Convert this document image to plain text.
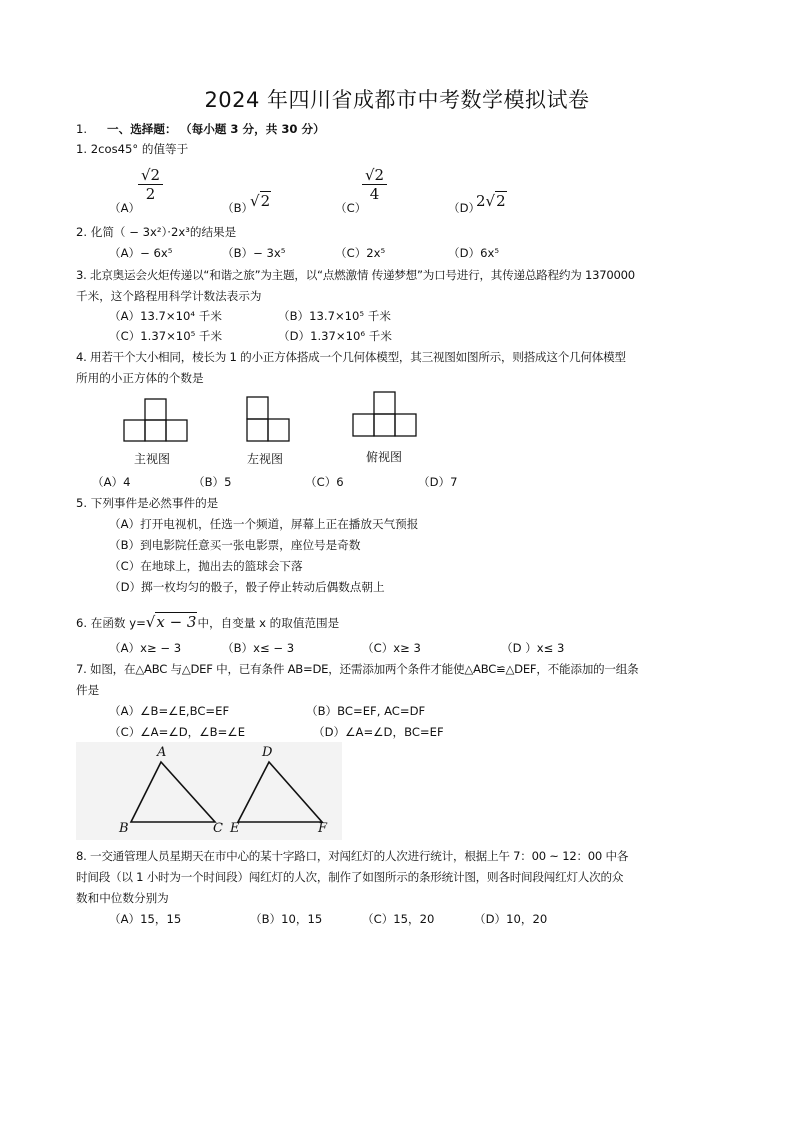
2024 年四川省成都市中考数学模拟试卷
1. 一、选择题： （每小题 3 分，共 30 分）
1. 2cos45° 的值等于
（A）
$\frac{√2}{2}$
（B）
√2	（C）
$\frac{√2}{4}$
（D）
2√2
2. 化简（ − 3x²）·2x³的结果是
（A）− 6x⁵	（B）− 3x⁵	（C）2x⁵	（D）6x⁵
3. 北京奥运会火炬传递以“和谐之旅”为主题，以“点燃激情 传递梦想”为口号进行，其传递总路程约为 1370000
千米，这个路程用科学计数法表示为
（A）13.7×10⁴ 千米	（B）13.7×10⁵ 千米
（C）1.37×10⁵ 千米	（D）1.37×10⁶ 千米
4. 用若干个大小相同，棱长为 1 的小正方体搭成一个几何体模型，其三视图如图所示，则搭成这个几何体模型
所用的小正方体的个数是
主视图	左视图	俯视图
（A）4	（B）5	（C）6	（D）7
5. 下列事件是必然事件的是
（A）打开电视机，任选一个频道，屏幕上正在播放天气预报
（B）到电影院任意买一张电影票，座位号是奇数
（C）在地球上，抛出去的篮球会下落
（D）掷一枚均匀的骰子，骰子停止转动后偶数点朝上
6. 在函数 y=√x − 3中，自变量 x 的取值范围是
（A）x≥ − 3	（B）x≤ − 3	（C）x≥ 3	（D ）x≤ 3
7. 如图，在△ABC 与△DEF 中，已有条件 AB=DE，还需添加两个条件才能使△ABC≌△DEF，不能添加的一组条
件是
（A）∠B=∠E,BC=EF	（B）BC=EF, AC=DF
（C）∠A=∠D，∠B=∠E	（D）∠A=∠D，BC=EF
A
B	C
D
E	F
8. 一交通管理人员星期天在市中心的某十字路口，对闯红灯的人次进行统计，根据上午 7：00 ~ 12：00 中各
时间段（以 1 小时为一个时间段）闯红灯的人次，制作了如图所示的条形统计图，则各时间段闯红灯人次的众
数和中位数分别为
（A）15，15	（B）10，15	（C）15，20	（D）10，20
